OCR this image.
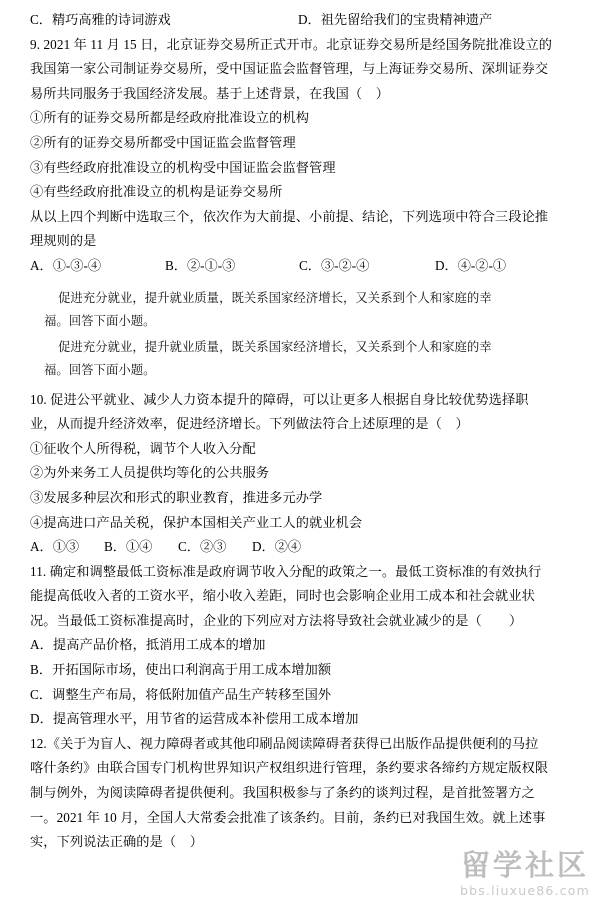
C．精巧高雅的诗词游戏	D．祖先留给我们的宝贵精神遗产
9. 2021 年 11 月 15 日，北京证券交易所正式开市。北京证券交易所是经国务院批准设立的
我国第一家公司制证券交易所，受中国证监会监督管理，与上海证券交易所、深圳证券交
易所共同服务于我国经济发展。基于上述背景，在我国（    ）
①所有的证券交易所都是经政府批准设立的机构
②所有的证券交易所都受中国证监会监督管理
③有些经政府批准设立的机构受中国证监会监督管理
④有些经政府批准设立的机构是证券交易所
从以上四个判断中选取三个，依次作为大前提、小前提、结论，下列选项中符合三段论推
理规则的是
A．①-③-④	B．②-①-③	C．③-②-④	D．④-②-①
促进充分就业，提升就业质量，既关系国家经济增长，又关系到个人和家庭的幸
福。回答下面小题。
促进充分就业，提升就业质量，既关系国家经济增长，又关系到个人和家庭的幸
福。回答下面小题。
10. 促进公平就业、减少人力资本提升的障碍，可以让更多人根据自身比较优势选择职
业，从而提升经济效率，促进经济增长。下列做法符合上述原理的是（    ）
①征收个人所得税，调节个人收入分配
②为外来务工人员提供均等化的公共服务
③发展多种层次和形式的职业教育，推进多元办学
④提高进口产品关税，保护本国相关产业工人的就业机会
A．①③	B．①④	C．②③	D．②④
11. 确定和调整最低工资标准是政府调节收入分配的政策之一。最低工资标准的有效执行
能提高低收入者的工资水平，缩小收入差距，同时也会影响企业用工成本和社会就业状
况。当最低工资标准提高时，企业的下列应对方法将导致社会就业减少的是（        ）
A．提高产品价格，抵消用工成本的增加
B．开拓国际市场，使出口利润高于用工成本增加额
C．调整生产布局，将低附加值产品生产转移至国外
D．提高管理水平，用节省的运营成本补偿用工成本增加
12.《关于为盲人、视力障碍者或其他印刷品阅读障碍者获得已出版作品提供便利的马拉
喀什条约》由联合国专门机构世界知识产权组织进行管理，条约要求各缔约方规定版权限
制与例外，为阅读障碍者提供便利。我国积极参与了条约的谈判过程，是首批签署方之
一。2021 年 10 月，全国人大常委会批准了该条约。目前，条约已对我国生效。就上述事
实，下列说法正确的是（    ）
留学社区
bbs.liuxue86.com
